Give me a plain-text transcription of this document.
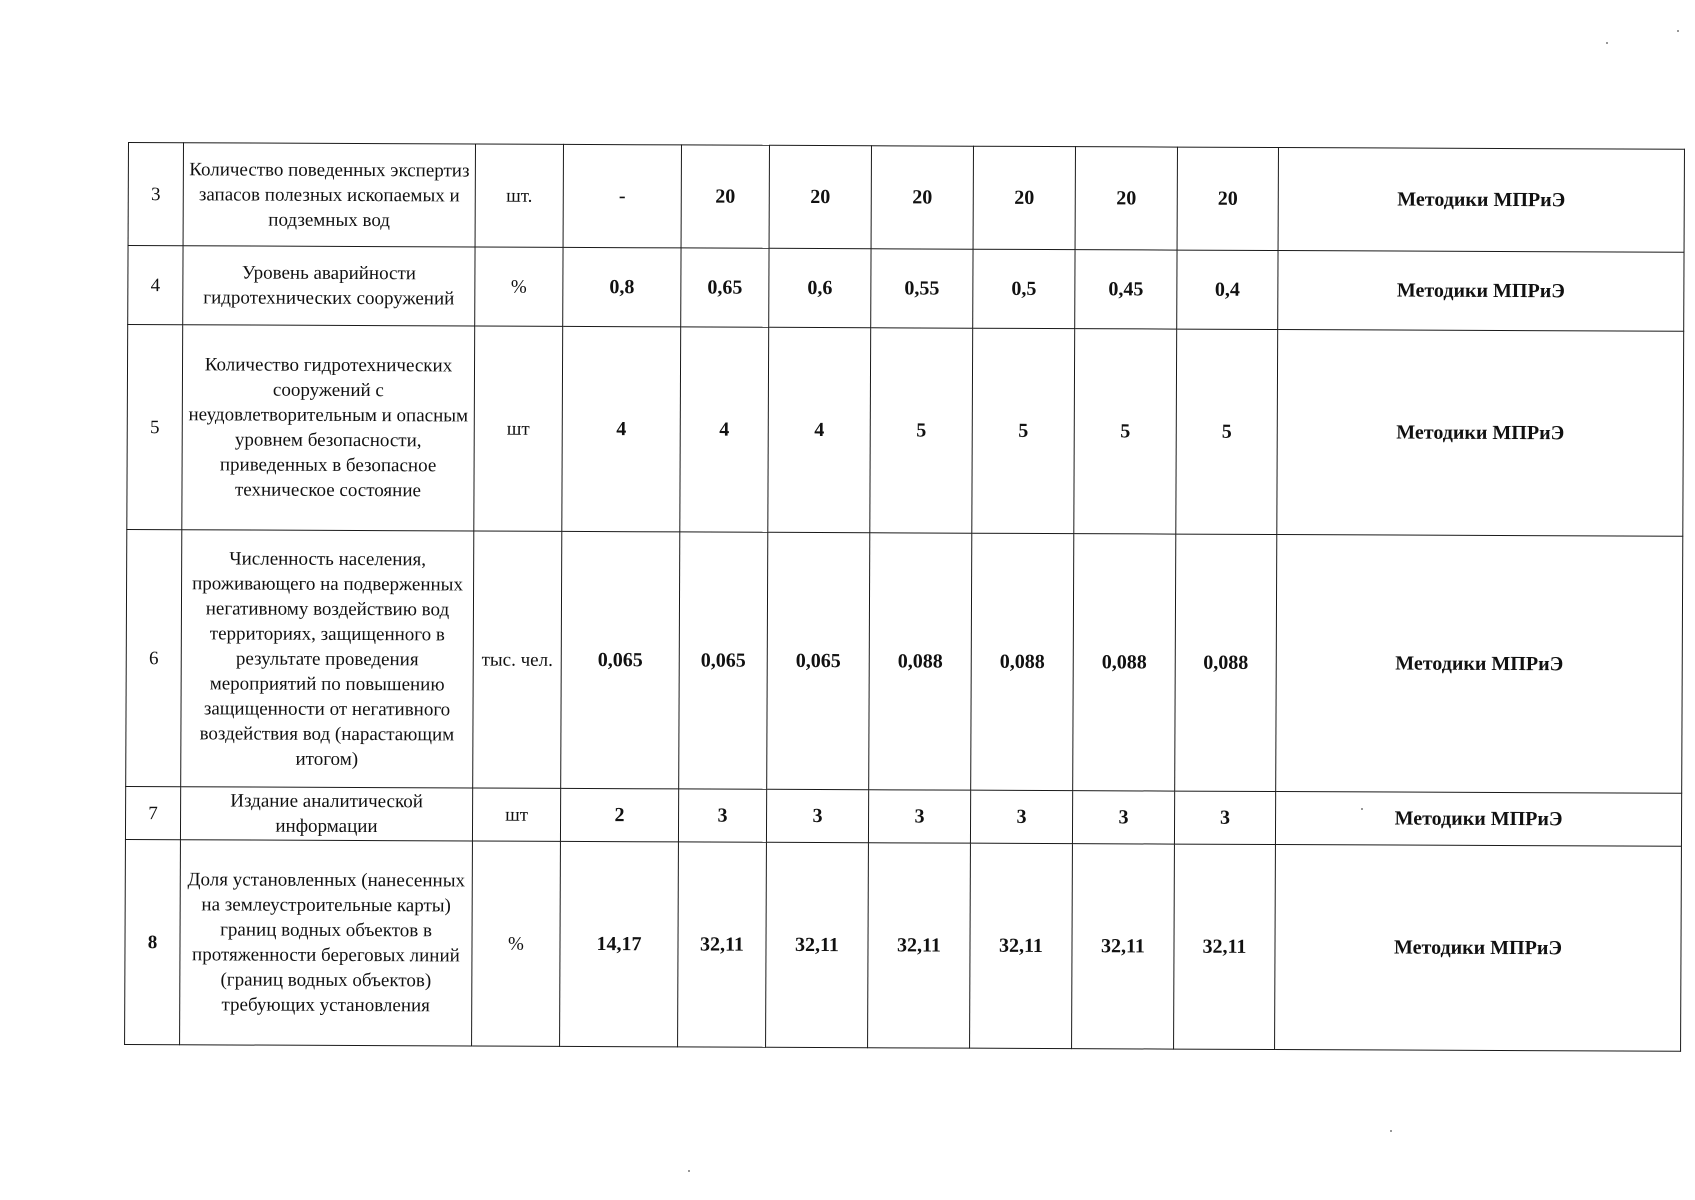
3	Количество поведенных экспертиз запасов полезных ископаемых и подземных вод	шт.	-	20	20	20	20	20	20	Методики МПРиЭ
4	Уровень аварийности гидротехнических сооружений	%	0,8	0,65	0,6	0,55	0,5	0,45	0,4	Методики МПРиЭ
5	Количество гидротехнических сооружений с неудовлетворительным и опасным уровнем безопасности, приведенных в безопасное техническое состояние	шт	4	4	4	5	5	5	5	Методики МПРиЭ
6	Численность населения, проживающего на подверженных негативному воздействию вод территориях, защищенного в результате проведения мероприятий по повышению защищенности от негативного воздействия вод (нарастающим итогом)	тыс. чел.	0,065	0,065	0,065	0,088	0,088	0,088	0,088	Методики МПРиЭ
7	Издание аналитической информации	шт	2	3	3	3	3	3	3	Методики МПРиЭ
8	Доля установленных (нанесенных на землеустроительные карты) границ водных объектов в протяженности береговых линий (границ водных объектов) требующих установления	%	14,17	32,11	32,11	32,11	32,11	32,11	32,11	Методики МПРиЭ
